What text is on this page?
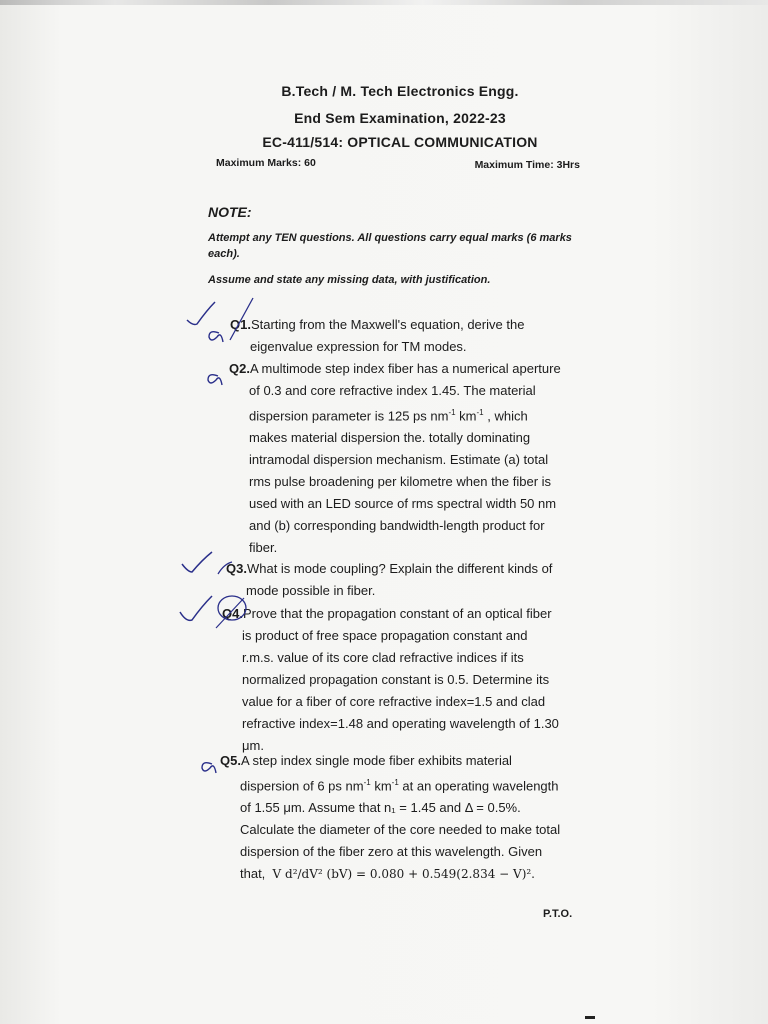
B.Tech / M. Tech Electronics Engg.
End Sem Examination, 2022-23
EC-411/514: OPTICAL COMMUNICATION
Maximum Marks: 60	Maximum Time: 3Hrs
NOTE:
Attempt any TEN questions. All questions carry equal marks (6 marks each).
Assume and state any missing data, with justification.
Q1.Starting from the Maxwell's equation, derive the
eigenvalue expression for TM modes.
Q2.A multimode step index fiber has a numerical aperture
of 0.3 and core refractive index 1.45. The material
dispersion parameter is 125 ps $nm^{-1}$ $km^{-1}$ , which
makes material dispersion the. totally dominating
intramodal dispersion mechanism. Estimate (a) total
rms pulse broadening per kilometre when the fiber is
used with an LED source of rms spectral width 50 nm
and (b) corresponding bandwidth-length product for
fiber.
Q3.What is mode coupling? Explain the different kinds of
mode possible in fiber.
Q4.Prove that the propagation constant of an optical fiber
is product of free space propagation constant and
r.m.s. value of its core clad refractive indices if its
normalized propagation constant is 0.5. Determine its
value for a fiber of core refractive index=1.5 and clad
refractive index=1.48 and operating wavelength of 1.30
μm.
Q5.A step index single mode fiber exhibits material
dispersion of 6 ps $nm^{-1}$ $km^{-1}$ at an operating wavelength
of 1.55 μm. Assume that n₁ = 1.45 and Δ = 0.5%.
Calculate the diameter of the core needed to make total
dispersion of the fiber zero at this wavelength. Given
that, V d²/dV² (bV) = 0.080 + 0.549(2.834 − V)².
P.T.O.
